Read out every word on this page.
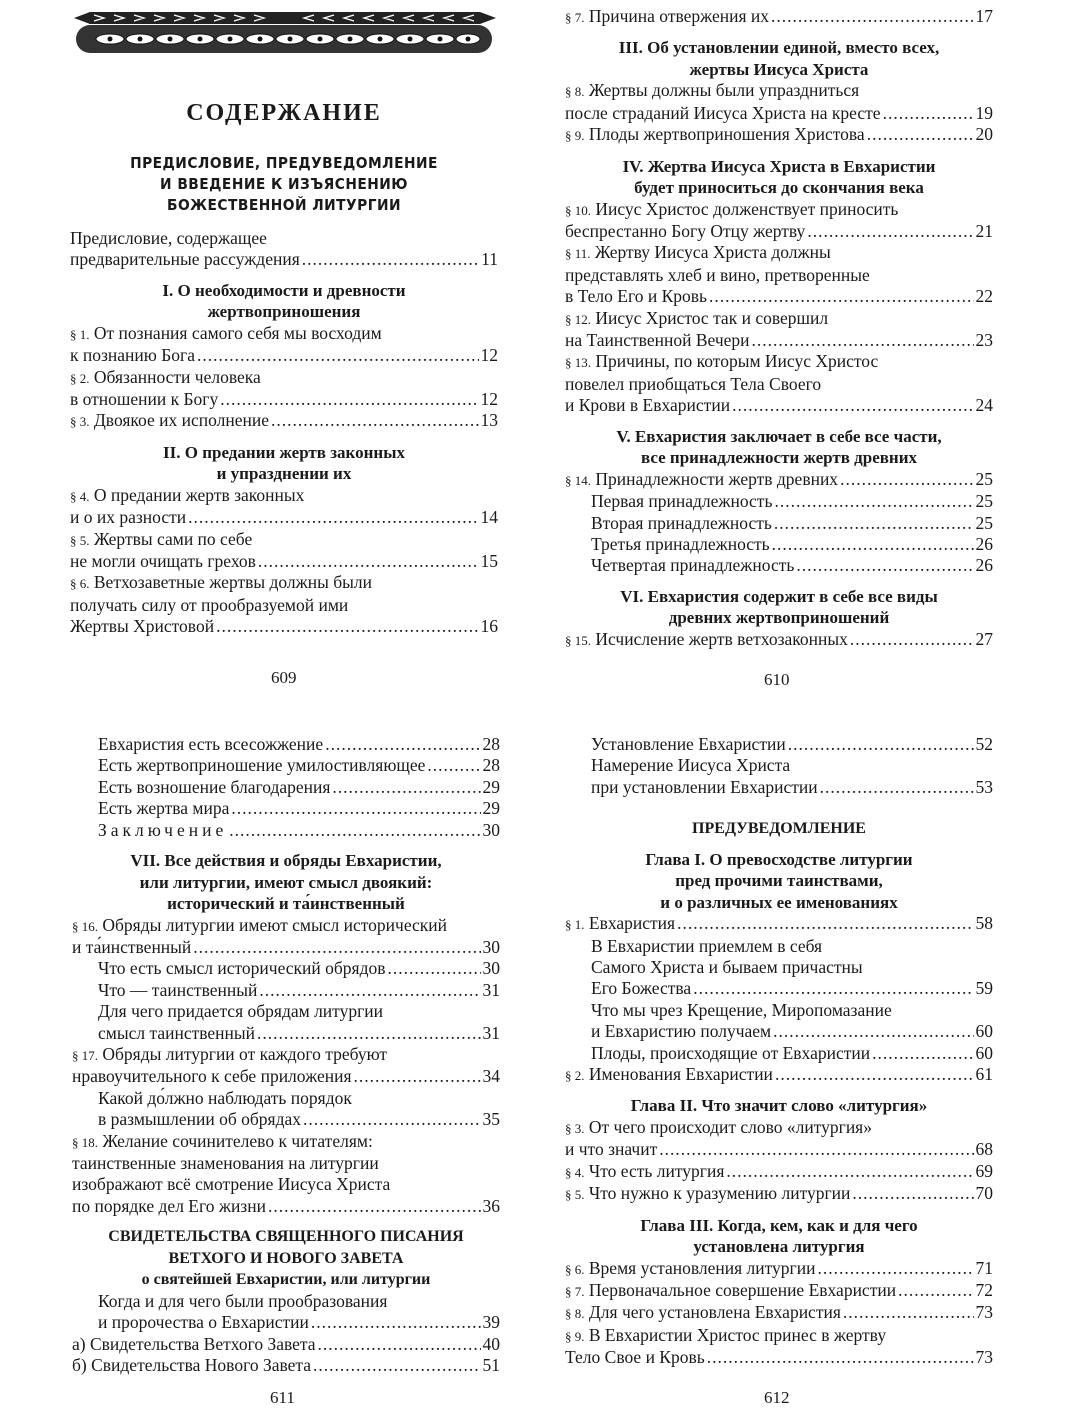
СОДЕРЖАНИЕ
ПРЕДИСЛОВИЕ, ПРЕДУВЕДОМЛЕНИЕ
И ВВЕДЕНИЕ К ИЗЪЯСНЕНИЮ
БОЖЕСТВЕННОЙ ЛИТУРГИИ
Предисловие, содержащее
предварительные рассуждения .....	11
I. О необходимости и древности
жертвоприношения
§ 1. От познания самого себя мы восходим
к познанию Бога .....	12
§ 2. Обязанности человека
в отношении к Богу .....	12
§ 3. Двоякое их исполнение .....	13
II. О предании жертв законных
и упразднении их
§ 4. О предании жертв законных
и о их разности .....	14
§ 5. Жертвы сами по себе
не могли очищать грехов .....	15
§ 6. Ветхозаветные жертвы должны были
получать силу от прообразуемой ими
Жертвы Христовой .....	16
§ 7. Причина отвержения их .....	17
III. Об установлении единой, вместо всех,
жертвы Иисуса Христа
§ 8. Жертвы должны были упраздниться
после страданий Иисуса Христа на кресте .....	19
§ 9. Плоды жертвоприношения Христова .....	20
IV. Жертва Иисуса Христа в Евхаристии
будет приноситься до скончания века
§ 10. Иисус Христос долженствует приносить
беспрестанно Богу Отцу жертву .....	21
§ 11. Жертву Иисуса Христа должны
представлять хлеб и вино, претворенные
в Тело Его и Кровь .....	22
§ 12. Иисус Христос так и совершил
на Таинственной Вечери .....	23
§ 13. Причины, по которым Иисус Христос
повелел приобщаться Тела Своего
и Крови в Евхаристии .....	24
V. Евхаристия заключает в себе все части,
все принадлежности жертв древних
§ 14. Принадлежности жертв древних .....	25
Первая принадлежность .....	25
Вторая принадлежность .....	25
Третья принадлежность .....	26
Четвертая принадлежность .....	26
VI. Евхаристия содержит в себе все виды
древних жертвоприношений
§ 15. Исчисление жертв ветхозаконных .....	27
Евхаристия есть всесожжение .....	28
Есть жертвоприношение умилостивляющее .....	28
Есть возношение благодарения .....	29
Есть жертва мира .....	29
Заключение .....	30
VII. Все действия и обряды Евхаристии,
или литургии, имеют смысл двоякий:
исторический и та́инственный
§ 16. Обряды литургии имеют смысл исторический
и та́инственный .....	30
Что есть смысл исторический обрядов .....	30
Что — таинственный .....	31
Для чего придается обрядам литургии
смысл таинственный .....	31
§ 17. Обряды литургии от каждого требуют
нравоучительного к себе приложения .....	34
Какой до́лжно наблюдать порядок
в размышлении об обрядах .....	35
§ 18. Желание сочинителево к читателям:
таинственные знаменования на литургии
изображают всё смотрение Иисуса Христа
по порядке дел Его жизни .....	36
СВИДЕТЕЛЬСТВА СВЯЩЕННОГО ПИСАНИЯ
ВЕТХОГО И НОВОГО ЗАВЕТА
о святейшей Евхаристии, или литургии
Когда и для чего были прообразования
и пророчества о Евхаристии .....	39
а) Свидетельства Ветхого Завета .....	40
б) Свидетельства Нового Завета .....	51
Установление Евхаристии .....	52
Намерение Иисуса Христа
при установлении Евхаристии .....	53
ПРЕДУВЕДОМЛЕНИЕ
Глава I. О превосходстве литургии
пред прочими таинствами,
и о различных ее именованиях
§ 1. Евхаристия .....	58
В Евхаристии приемлем в себя
Самого Христа и бываем причастны
Его Божества .....	59
Что мы чрез Крещение, Миропомазание
и Евхаристию получаем .....	60
Плоды, происходящие от Евхаристии .....	60
§ 2. Именования Евхаристии .....	61
Глава II. Что значит слово «литургия»
§ 3. От чего происходит слово «литургия»
и что значит .....	68
§ 4. Что есть литургия .....	69
§ 5. Что нужно к уразумению литургии .....	70
Глава III. Когда, кем, как и для чего
установлена литургия
§ 6. Время установления литургии .....	71
§ 7. Первоначальное совершение Евхаристии .....	72
§ 8. Для чего установлена Евхаристия .....	73
§ 9. В Евхаристии Христос принес в жертву
Тело Свое и Кровь .....	73
609	610
611	612
